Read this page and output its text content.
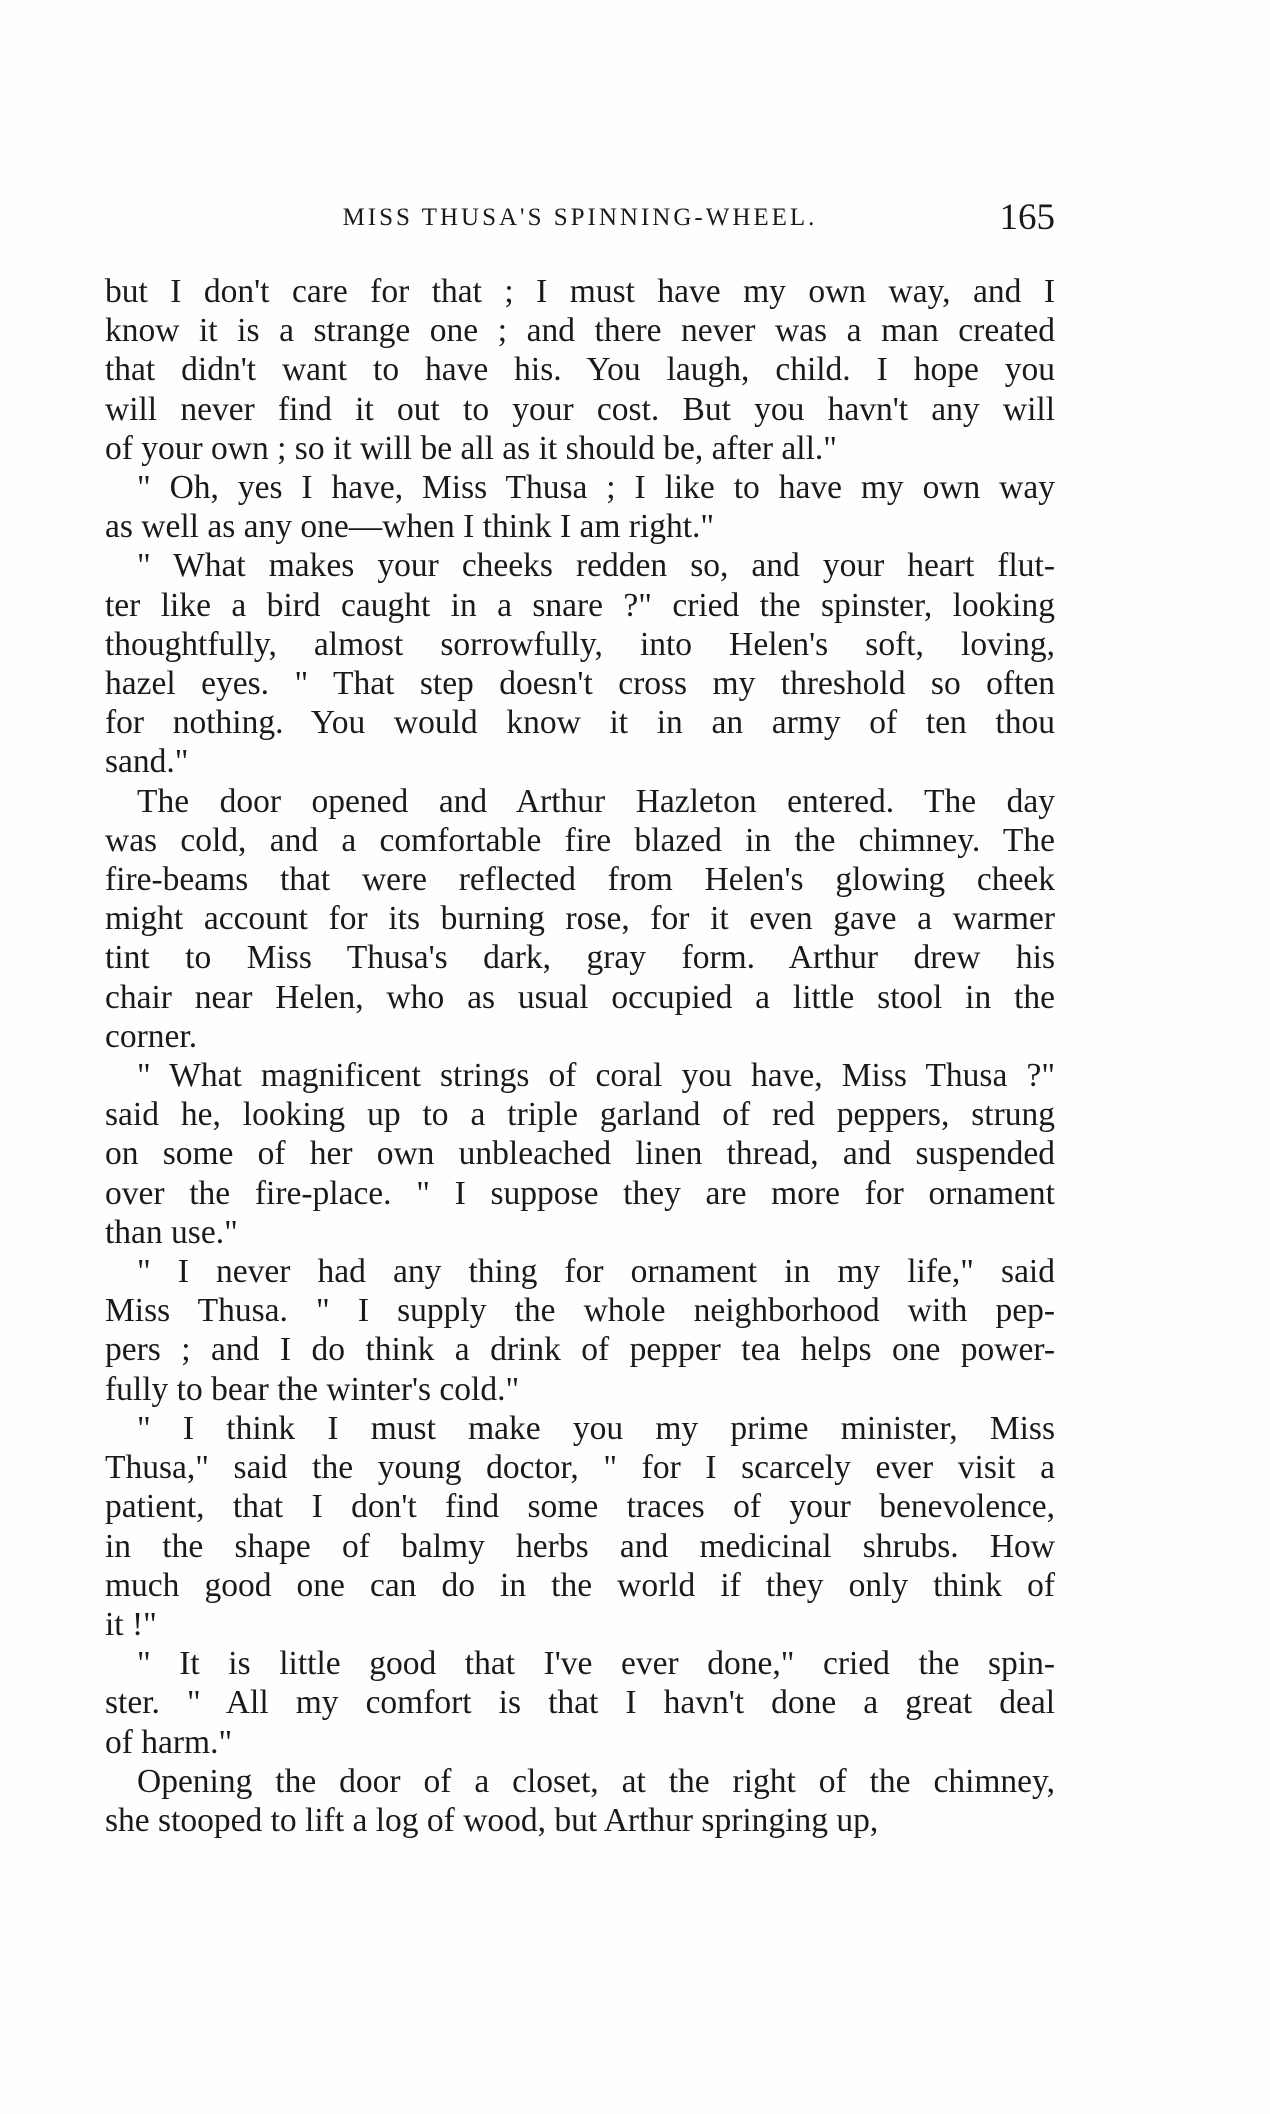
MISS THUSA'S SPINNING-WHEEL.	165

but I don't care for that ; I must have my own way, and I
know it is a strange one ; and there never was a man created
that didn't want to have his. You laugh, child. I hope you
will never find it out to your cost. But you havn't any will
of your own ; so it will be all as it should be, after all."

" Oh, yes I have, Miss Thusa ; I like to have my own way
as well as any one—when I think I am right."

" What makes your cheeks redden so, and your heart flut-
ter like a bird caught in a snare ?" cried the spinster, looking
thoughtfully, almost sorrowfully, into Helen's soft, loving,
hazel eyes. " That step doesn't cross my threshold so often
for nothing. You would know it in an army of ten thou
sand."

The door opened and Arthur Hazleton entered. The day
was cold, and a comfortable fire blazed in the chimney. The
fire-beams that were reflected from Helen's glowing cheek
might account for its burning rose, for it even gave a warmer
tint to Miss Thusa's dark, gray form. Arthur drew his
chair near Helen, who as usual occupied a little stool in the
corner.

" What magnificent strings of coral you have, Miss Thusa ?"
said he, looking up to a triple garland of red peppers, strung
on some of her own unbleached linen thread, and suspended
over the fire-place. " I suppose they are more for ornament
than use."

" I never had any thing for ornament in my life," said
Miss Thusa. " I supply the whole neighborhood with pep-
pers ; and I do think a drink of pepper tea helps one power-
fully to bear the winter's cold."

" I think I must make you my prime minister, Miss
Thusa," said the young doctor, " for I scarcely ever visit a
patient, that I don't find some traces of your benevolence,
in the shape of balmy herbs and medicinal shrubs. How
much good one can do in the world if they only think of
it !"

" It is little good that I've ever done," cried the spin-
ster. " All my comfort is that I havn't done a great deal
of harm."

Opening the door of a closet, at the right of the chimney,
she stooped to lift a log of wood, but Arthur springing up,
